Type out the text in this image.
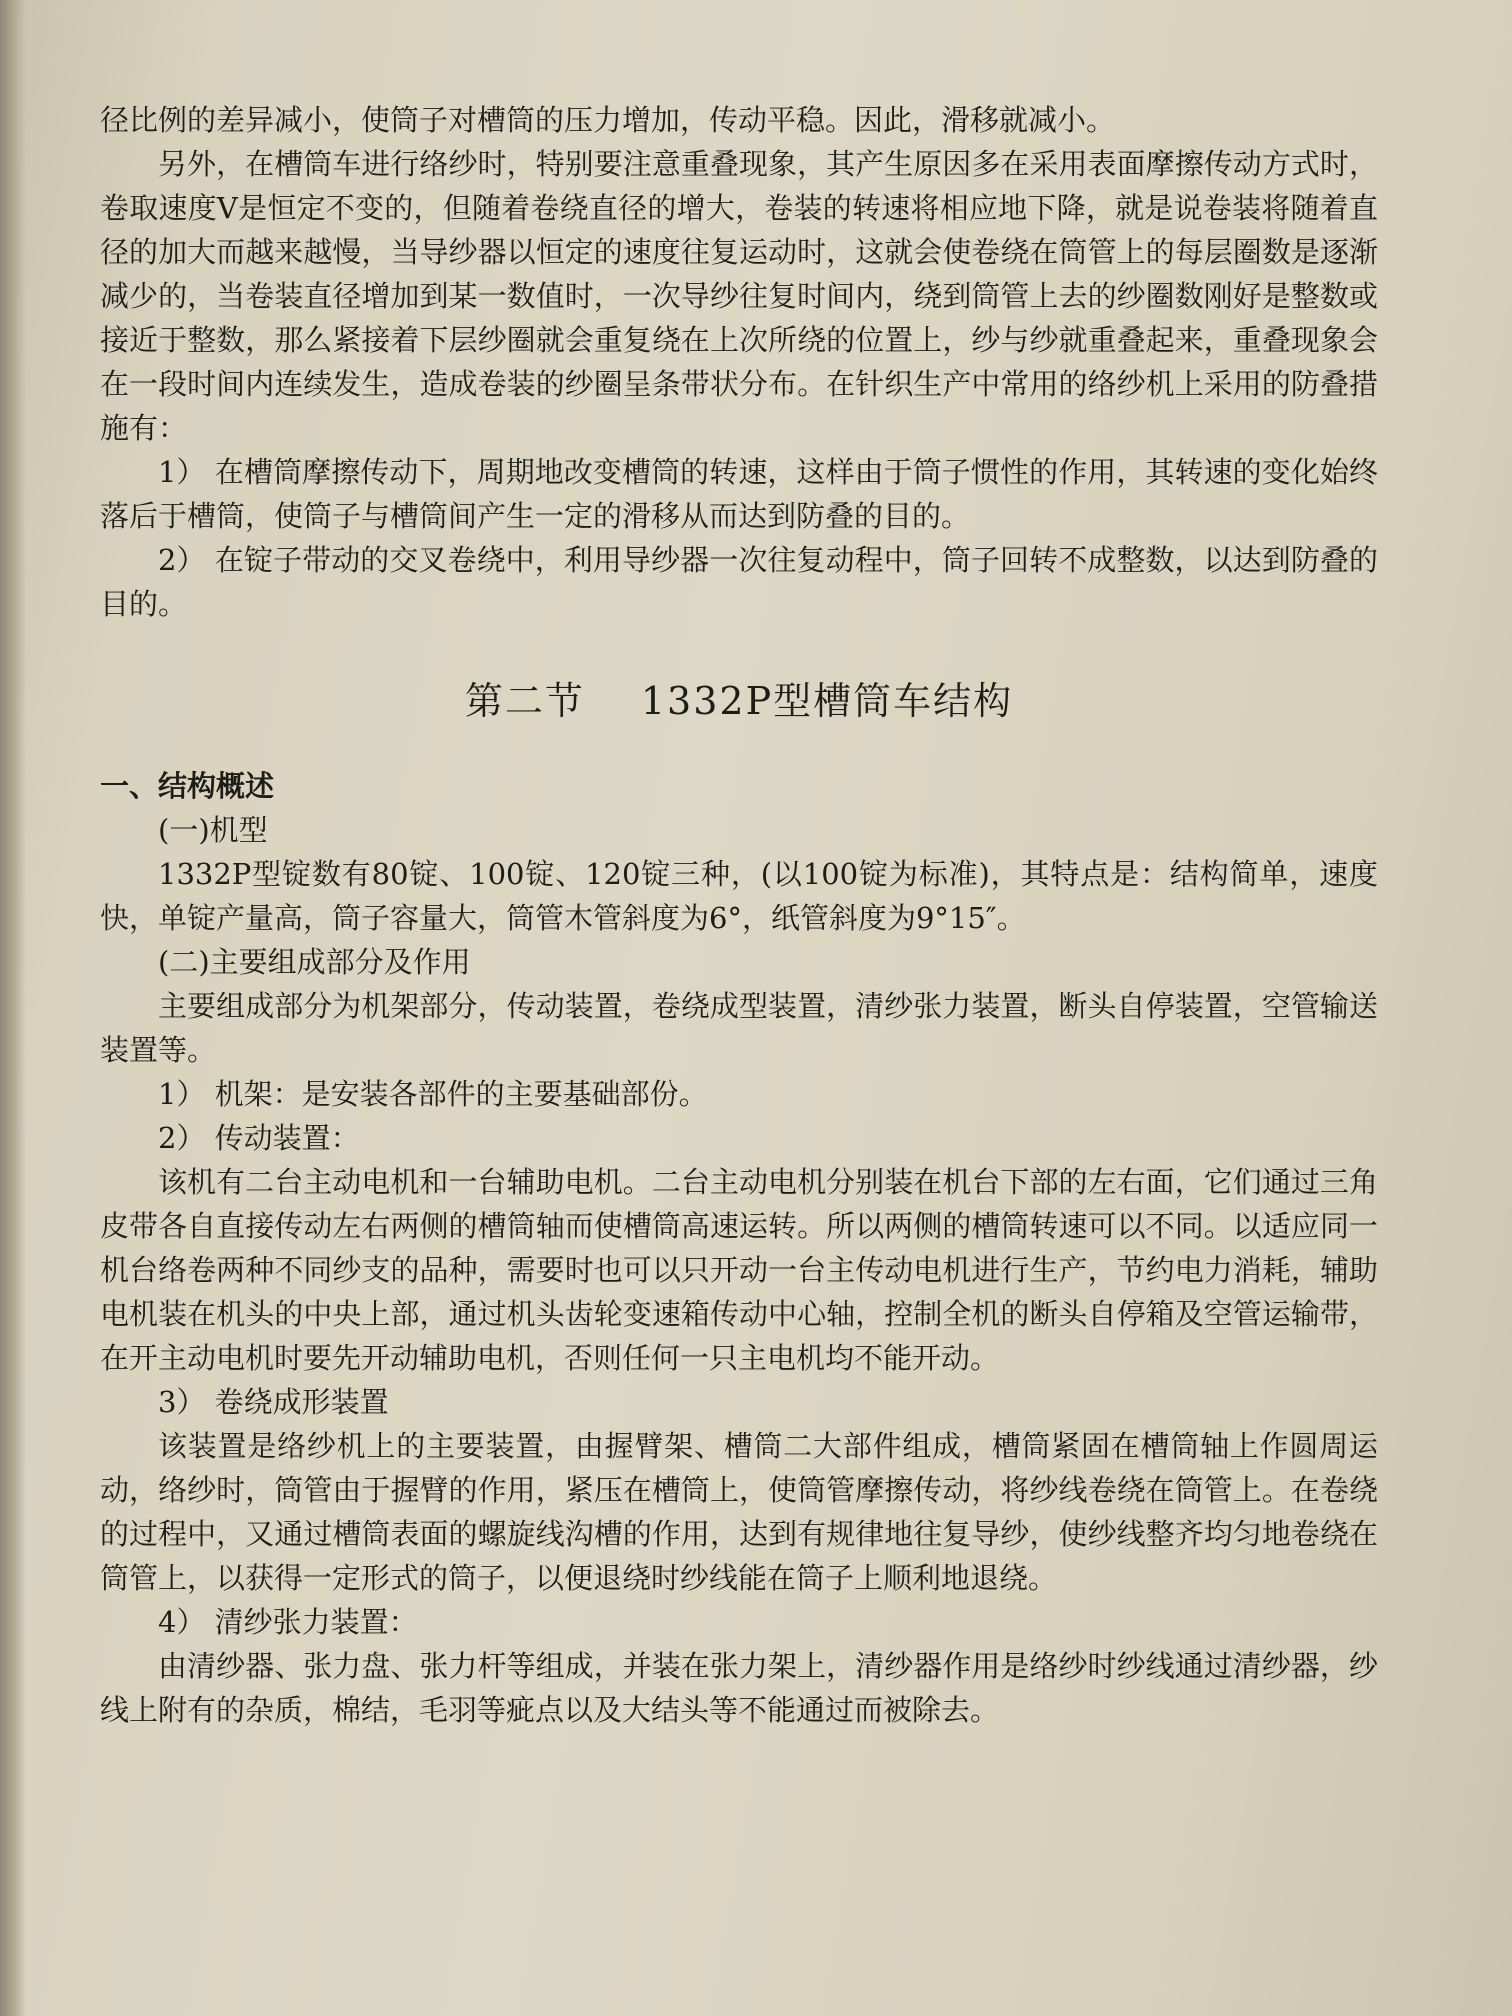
径比例的差异减小，使筒子对槽筒的压力增加，传动平稳。因此，滑移就减小。

另外，在槽筒车进行络纱时，特别要注意重叠现象，其产生原因多在采用表面摩擦传动方式时，卷取速度V是恒定不变的，但随着卷绕直径的增大，卷装的转速将相应地下降，就是说卷装将随着直径的加大而越来越慢，当导纱器以恒定的速度往复运动时，这就会使卷绕在筒管上的每层圈数是逐渐减少的，当卷装直径增加到某一数值时，一次导纱往复时间内，绕到筒管上去的纱圈数刚好是整数或接近于整数，那么紧接着下层纱圈就会重复绕在上次所绕的位置上，纱与纱就重叠起来，重叠现象会在一段时间内连续发生，造成卷装的纱圈呈条带状分布。在针织生产中常用的络纱机上采用的防叠措施有：

1） 在槽筒摩擦传动下，周期地改变槽筒的转速，这样由于筒子惯性的作用，其转速的变化始终落后于槽筒，使筒子与槽筒间产生一定的滑移从而达到防叠的目的。

2） 在锭子带动的交叉卷绕中，利用导纱器一次往复动程中，筒子回转不成整数，以达到防叠的目的。

第二节 1332P型槽筒车结构

一、结构概述

(一)机型

1332P型锭数有80锭、100锭、120锭三种，(以100锭为标准)，其特点是：结构简单，速度快，单锭产量高，筒子容量大，筒管木管斜度为6°，纸管斜度为9°15″。

(二)主要组成部分及作用

主要组成部分为机架部分，传动装置，卷绕成型装置，清纱张力装置，断头自停装置，空管输送装置等。

1） 机架：是安装各部件的主要基础部份。

2） 传动装置：

该机有二台主动电机和一台辅助电机。二台主动电机分别装在机台下部的左右面，它们通过三角皮带各自直接传动左右两侧的槽筒轴而使槽筒高速运转。所以两侧的槽筒转速可以不同。以适应同一机台络卷两种不同纱支的品种，需要时也可以只开动一台主传动电机进行生产，节约电力消耗，辅助电机装在机头的中央上部，通过机头齿轮变速箱传动中心轴，控制全机的断头自停箱及空管运输带，在开主动电机时要先开动辅助电机，否则任何一只主电机均不能开动。

3） 卷绕成形装置

该装置是络纱机上的主要装置，由握臂架、槽筒二大部件组成，槽筒紧固在槽筒轴上作圆周运动，络纱时，筒管由于握臂的作用，紧压在槽筒上，使筒管摩擦传动，将纱线卷绕在筒管上。在卷绕的过程中，又通过槽筒表面的螺旋线沟槽的作用，达到有规律地往复导纱，使纱线整齐均匀地卷绕在筒管上，以获得一定形式的筒子，以便退绕时纱线能在筒子上顺利地退绕。

4） 清纱张力装置：

由清纱器、张力盘、张力杆等组成，并装在张力架上，清纱器作用是络纱时纱线通过清纱器，纱线上附有的杂质，棉结，毛羽等疵点以及大结头等不能通过而被除去。
